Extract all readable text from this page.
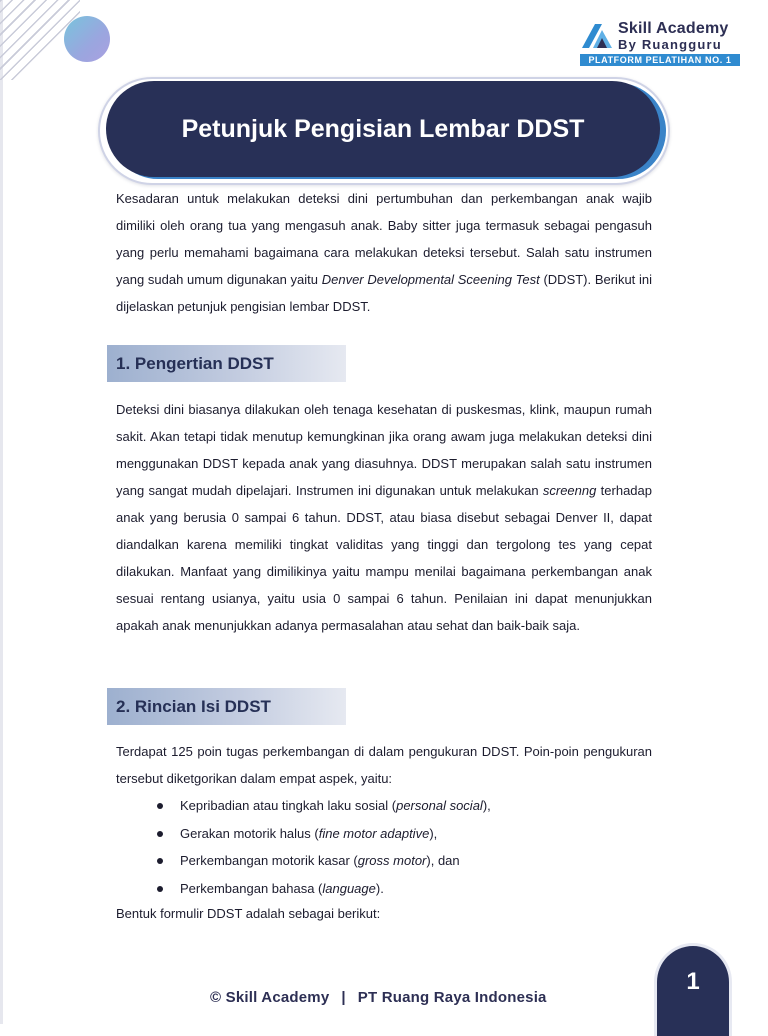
Skill Academy
By Ruangguru
PLATFORM PELATIHAN NO. 1
Petunjuk Pengisian Lembar DDST

Kesadaran untuk melakukan deteksi dini pertumbuhan dan perkembangan anak wajib dimiliki oleh orang tua yang mengasuh anak. Baby sitter juga termasuk sebagai pengasuh yang perlu memahami bagaimana cara melakukan deteksi tersebut. Salah satu instrumen yang sudah umum digunakan yaitu Denver Developmental Sceening Test (DDST). Berikut ini dijelaskan petunjuk pengisian lembar DDST.

1. Pengertian DDST

Deteksi dini biasanya dilakukan oleh tenaga kesehatan di puskesmas, klink, maupun rumah sakit. Akan tetapi tidak menutup kemungkinan jika orang awam juga melakukan deteksi dini menggunakan DDST kepada anak yang diasuhnya. DDST merupakan salah satu instrumen yang sangat mudah dipelajari. Instrumen ini digunakan untuk melakukan screenng terhadap anak yang berusia 0 sampai 6 tahun. DDST, atau biasa disebut sebagai Denver II, dapat diandalkan karena memiliki tingkat validitas yang tinggi dan tergolong tes yang cepat dilakukan. Manfaat yang dimilikinya yaitu mampu menilai bagaimana perkembangan anak sesuai rentang usianya, yaitu usia 0 sampai 6 tahun. Penilaian ini dapat menunjukkan apakah anak menunjukkan adanya permasalahan atau sehat dan baik-baik saja.

2. Rincian Isi DDST

Terdapat 125 poin tugas perkembangan di dalam pengukuran DDST. Poin-poin pengukuran tersebut diketgorikan dalam empat aspek, yaitu:

Kepribadian atau tingkah laku sosial (personal social),
Gerakan motorik halus (fine motor adaptive),
Perkembangan motorik kasar (gross motor), dan
Perkembangan bahasa (language).
Bentuk formulir DDST adalah sebagai berikut:
© Skill Academy | PT Ruang Raya Indonesia
1
